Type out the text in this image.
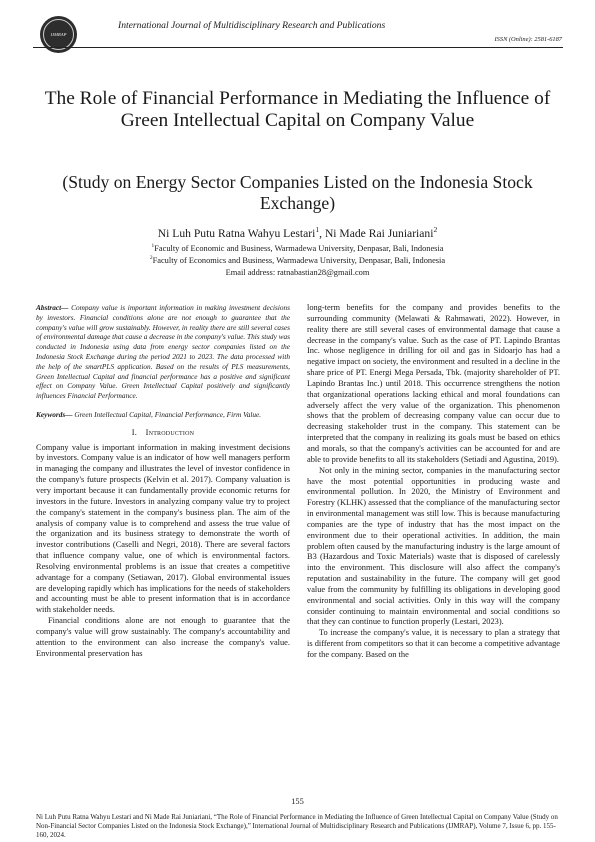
IJMRAP
International Journal of Multidisciplinary Research and Publications
ISSN (Online): 2581-6187
The Role of Financial Performance in Mediating the Influence of Green Intellectual Capital on Company Value
(Study on Energy Sector Companies Listed on the Indonesia Stock Exchange)
Ni Luh Putu Ratna Wahyu Lestari$^1$, Ni Made Rai Juniariani$^2$
$^1$Faculty of Economic and Business, Warmadewa University, Denpasar, Bali, Indonesia
$^2$Faculty of Economics and Business, Warmadewa University, Denpasar, Bali, Indonesia
Email address: ratnabastian28@gmail.com

Abstract— Company value is important information in making investment decisions by investors. Financial conditions alone are not enough to guarantee that the company's value will grow sustainably. However, in reality there are still several cases of environmental damage that cause a decrease in the company's value. This study was conducted in Indonesia using data from energy sector companies listed on the Indonesia Stock Exchange during the period 2021 to 2023. The data processed with the help of the smartPLS application. Based on the results of PLS measurements, Green Intellectual Capital and financial performance has a positive and significant effect on Company Value. Green Intellectual Capital positively and significantly influences Financial Performance.

Keywords— Green Intellectual Capital, Financial Performance, Firm Value.

I.  Introduction

Company value is important information in making investment decisions by investors. Company value is an indicator of how well managers perform in managing the company and illustrates the level of investor confidence in the company's future prospects (Kelvin et al. 2017). Company valuation is very important because it can fundamentally provide economic returns for investors in the future. Investors in analyzing company value try to project the company's statement in the company's business plan. The aim of the analysis of company value is to comprehend and assess the true value of the organization and its business strategy to demonstrate the worth of investor contributions (Caselli and Negri, 2018). There are several factors that influence company value, one of which is environmental factors. Resolving environmental problems is an issue that creates a competitive advantage for a company (Setiawan, 2017). Global environmental issues are developing rapidly which has implications for the needs of stakeholders and accounting must be able to present information that is in accordance with stakeholder needs.

Financial conditions alone are not enough to guarantee that the company's value will grow sustainably. The company's accountability and attention to the environment can also increase the company's value. Environmental preservation has

long-term benefits for the company and provides benefits to the surrounding community (Melawati & Rahmawati, 2022). However, in reality there are still several cases of environmental damage that cause a decrease in the company's value. Such as the case of PT. Lapindo Brantas Inc. whose negligence in drilling for oil and gas in Sidoarjo has had a negative impact on society, the environment and resulted in a decline in the share price of PT. Energi Mega Persada, Tbk. (majority shareholder of PT. Lapindo Brantas Inc.) until 2018. This occurrence strengthens the notion that organizational operations lacking ethical and moral foundations can adversely affect the very value of the organization. This phenomenon shows that the problem of decreasing company value can occur due to decreasing stakeholder trust in the company. This statement can be interpreted that the company in realizing its goals must be based on ethics and morals, so that the company's activities can be accounted for and are able to provide benefits to all its stakeholders (Setiadi and Agustina, 2019).

Not only in the mining sector, companies in the manufacturing sector have the most potential opportunities in producing waste and environmental pollution. In 2020, the Ministry of Environment and Forestry (KLHK) assessed that the compliance of the manufacturing sector in environmental management was still low. This is because manufacturing companies are the type of industry that has the most impact on the environment due to their operational activities. In addition, the main problem often caused by the manufacturing industry is the large amount of B3 (Hazardous and Toxic Materials) waste that is disposed of carelessly into the environment. This disclosure will also affect the company's reputation and sustainability in the future. The company will get good value from the community by fulfilling its obligations in developing good environmental and social activities. Only in this way will the company consider continuing to maintain environmental and social conditions so that they can continue to function properly (Lestari, 2023).

To increase the company's value, it is necessary to plan a strategy that is different from competitors so that it can become a competitive advantage for the company. Based on the

155
Ni Luh Putu Ratna Wahyu Lestari and Ni Made Rai Juniariani, “The Role of Financial Performance in Mediating the Influence of Green Intellectual Capital on Company Value (Study on Non-Financial Sector Companies Listed on the Indonesia Stock Exchange),” International Journal of Multidisciplinary Research and Publications (IJMRAP), Volume 7, Issue 6, pp. 155-160, 2024.
